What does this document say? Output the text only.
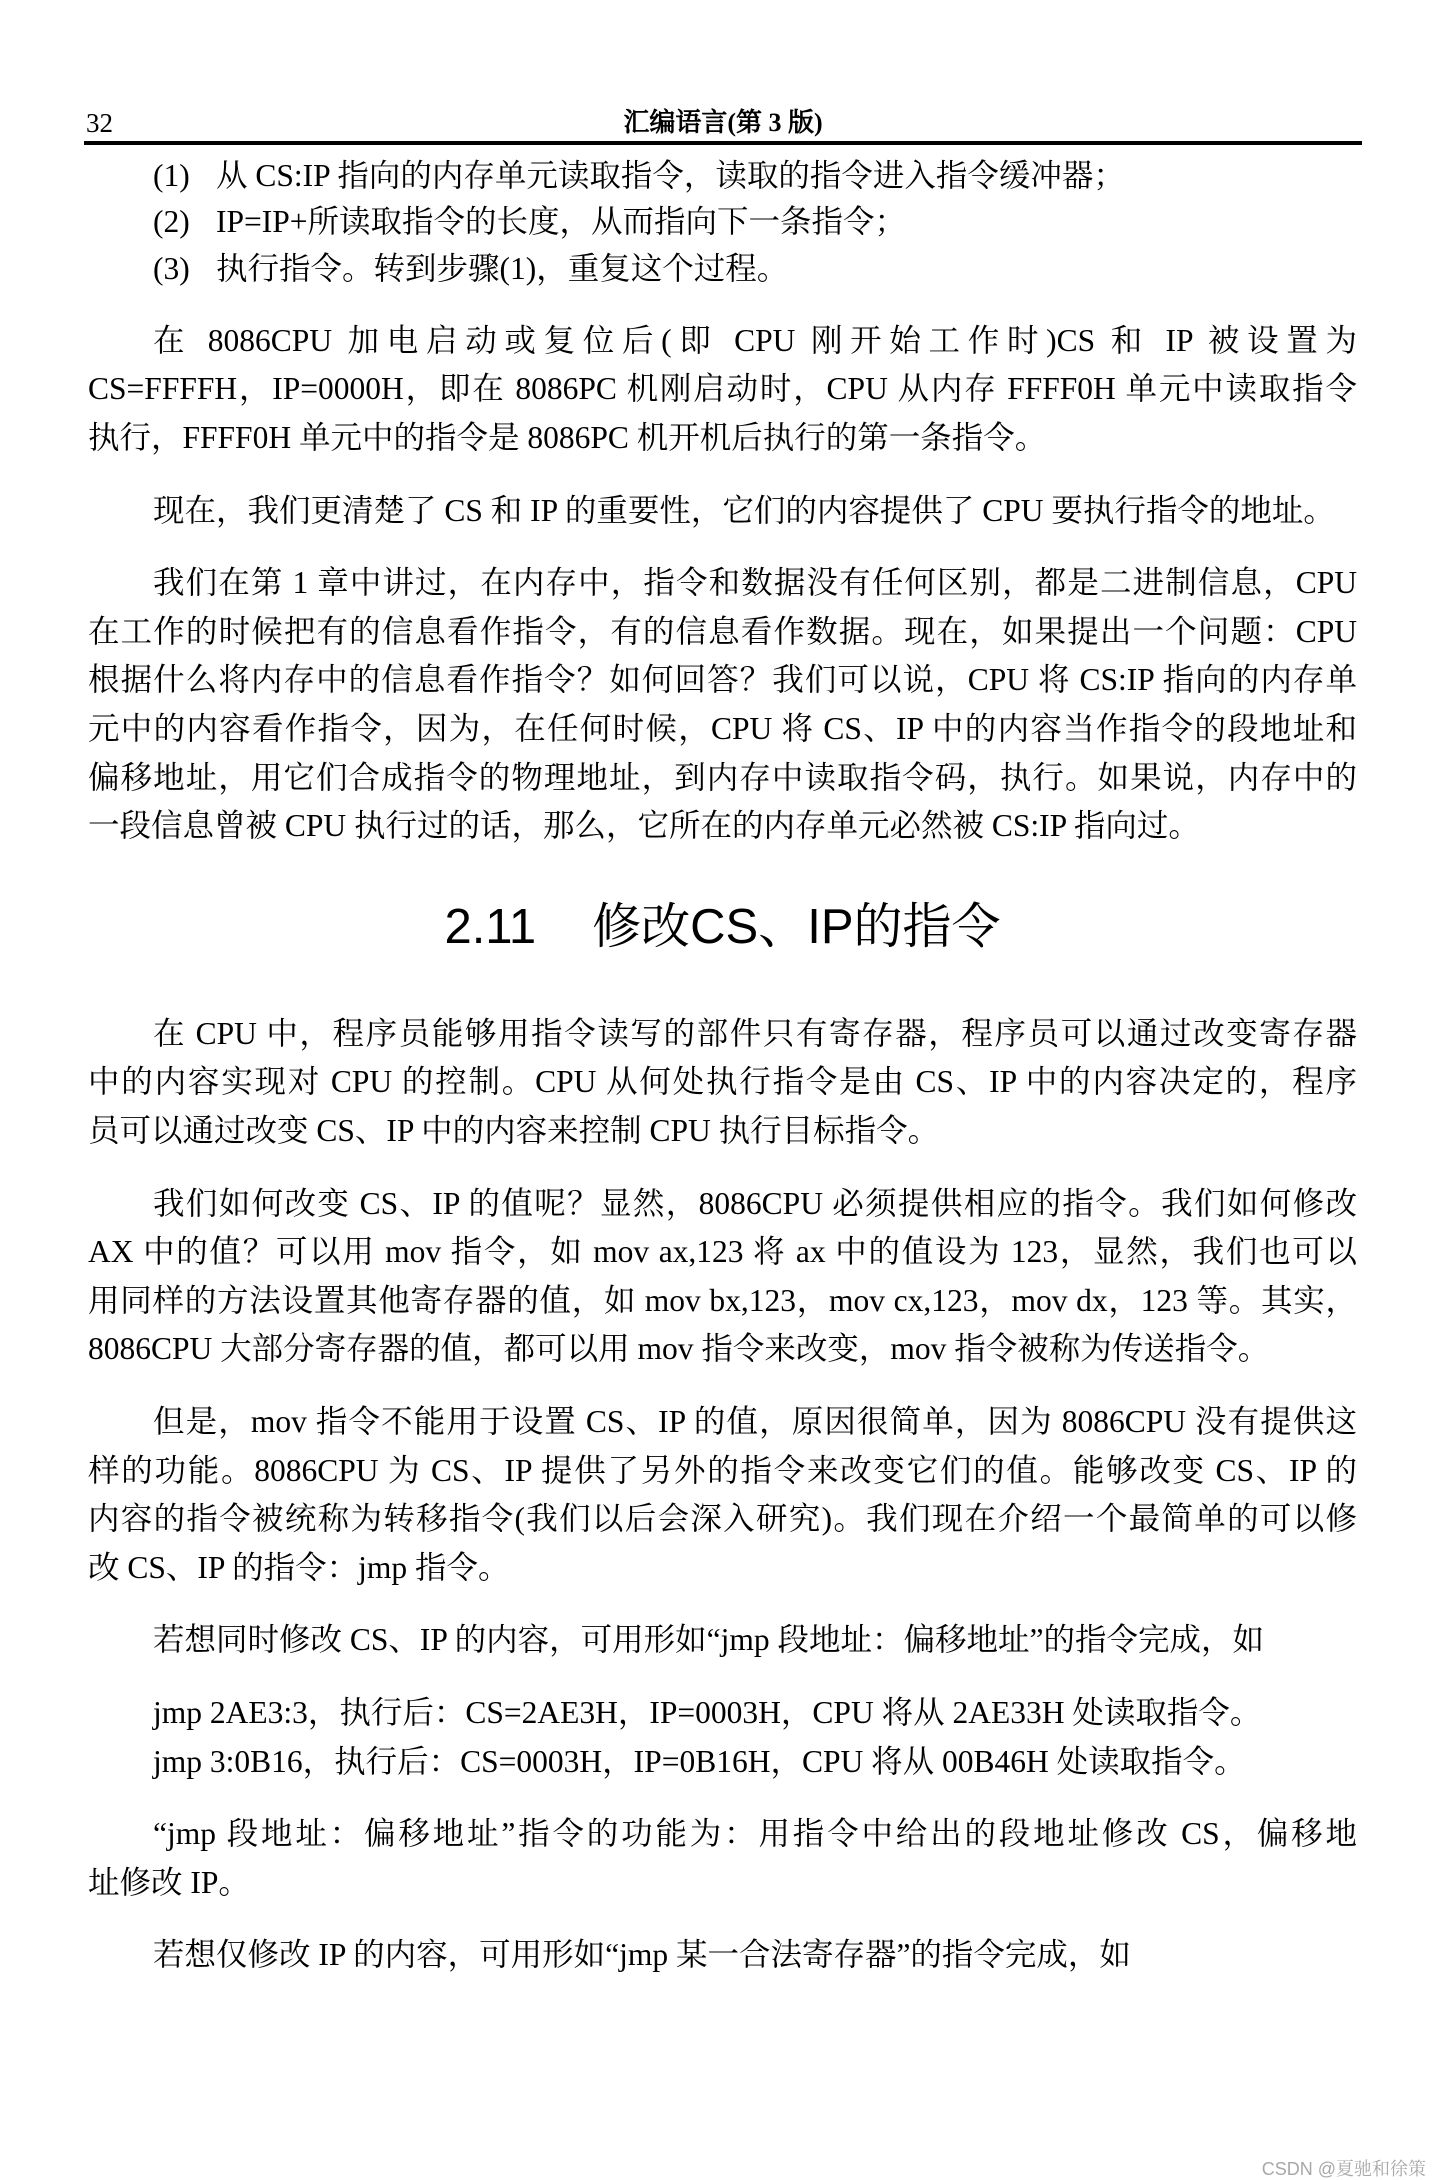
32	汇编语言(第 3 版)
(1) 从 CS:IP 指向的内存单元读取指令，读取的指令进入指令缓冲器；
(2) IP=IP+所读取指令的长度，从而指向下一条指令；
(3) 执行指令。转到步骤(1)，重复这个过程。
在 8086CPU 加电启动或复位后(即 CPU 刚开始工作时)CS 和 IP 被设置为
CS=FFFFH，IP=0000H，即在 8086PC 机刚启动时，CPU 从内存 FFFF0H 单元中读取指令
执行，FFFF0H 单元中的指令是 8086PC 机开机后执行的第一条指令。
现在，我们更清楚了 CS 和 IP 的重要性，它们的内容提供了 CPU 要执行指令的地址。
我们在第 1 章中讲过，在内存中，指令和数据没有任何区别，都是二进制信息，CPU
在工作的时候把有的信息看作指令，有的信息看作数据。现在，如果提出一个问题：CPU
根据什么将内存中的信息看作指令？如何回答？我们可以说，CPU 将 CS:IP 指向的内存单
元中的内容看作指令，因为，在任何时候，CPU 将 CS、IP 中的内容当作指令的段地址和
偏移地址，用它们合成指令的物理地址，到内存中读取指令码，执行。如果说，内存中的
一段信息曾被 CPU 执行过的话，那么，它所在的内存单元必然被 CS:IP 指向过。
2.11 修改CS、IP的指令
在 CPU 中，程序员能够用指令读写的部件只有寄存器，程序员可以通过改变寄存器
中的内容实现对 CPU 的控制。CPU 从何处执行指令是由 CS、IP 中的内容决定的，程序
员可以通过改变 CS、IP 中的内容来控制 CPU 执行目标指令。
我们如何改变 CS、IP 的值呢？显然，8086CPU 必须提供相应的指令。我们如何修改
AX 中的值？可以用 mov 指令，如 mov ax,123 将 ax 中的值设为 123，显然，我们也可以
用同样的方法设置其他寄存器的值，如 mov bx,123，mov cx,123，mov dx，123 等。其实，
8086CPU 大部分寄存器的值，都可以用 mov 指令来改变，mov 指令被称为传送指令。
但是，mov 指令不能用于设置 CS、IP 的值，原因很简单，因为 8086CPU 没有提供这
样的功能。8086CPU 为 CS、IP 提供了另外的指令来改变它们的值。能够改变 CS、IP 的
内容的指令被统称为转移指令(我们以后会深入研究)。我们现在介绍一个最简单的可以修
改 CS、IP 的指令：jmp 指令。
若想同时修改 CS、IP 的内容，可用形如“jmp 段地址：偏移地址”的指令完成，如
jmp 2AE3:3，执行后：CS=2AE3H，IP=0003H，CPU 将从 2AE33H 处读取指令。
jmp 3:0B16，执行后：CS=0003H，IP=0B16H，CPU 将从 00B46H 处读取指令。
“jmp 段地址：偏移地址”指令的功能为：用指令中给出的段地址修改 CS，偏移地
址修改 IP。
若想仅修改 IP 的内容，可用形如“jmp 某一合法寄存器”的指令完成，如
CSDN @夏驰和徐策
